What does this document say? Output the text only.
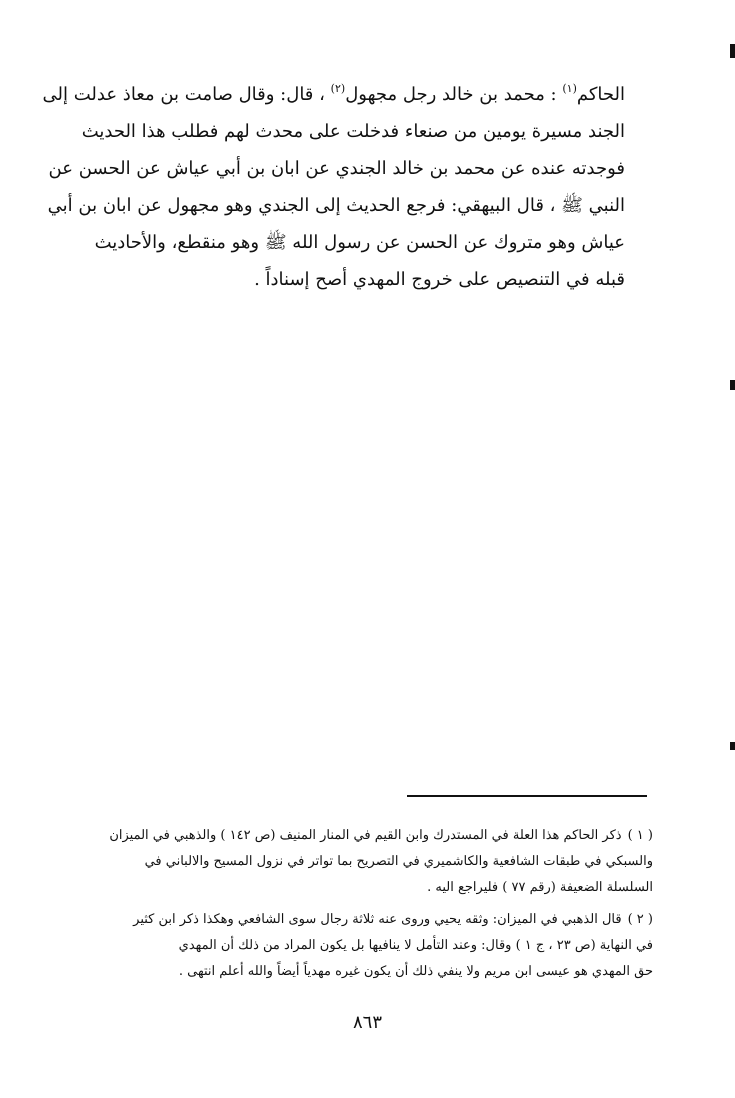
الحاكم$^{(١)}$ : محمد بن خالد رجل مجهول$^{(٢)}$ ، قال: وقال صامت بن معاذ عدلت إلى
الجند مسيرة يومين من صنعاء فدخلت على محدث لهم فطلب هذا الحديث
فوجدته عنده عن محمد بن خالد الجندي عن ابان بن أبي عياش عن الحسن عن
النبي ﷺ ، قال البيهقي: فرجع الحديث إلى الجندي وهو مجهول عن ابان بن أبي
عياش وهو متروك عن الحسن عن رسول الله ﷺ وهو منقطع، والأحاديث
قبله في التنصيص على خروج المهدي أصح إسناداً .
( ١ )ذكر الحاكم هذا العلة في المستدرك وابن القيم في المنار المنيف (ص ١٤٢ ) والذهبي في الميزان
والسبكي في طبقات الشافعية والكاشميري في التصريح بما تواتر في نزول المسيح والالباني في
السلسلة الضعيفة (رقم ٧٧ ) فليراجع اليه .
( ٢ )قال الذهبي في الميزان: وثقه يحيي وروى عنه ثلاثة رجال سوى الشافعي وهكذا ذكر ابن كثير
في النهاية (ص ٢٣ ، ج ١ ) وقال: وعند التأمل لا ينافيها بل يكون المراد من ذلك أن المهدي
حق المهدي هو عيسى ابن مريم ولا ينفي ذلك أن يكون غيره مهدياً أيضاً والله أعلم انتهى .
٨٦٣
